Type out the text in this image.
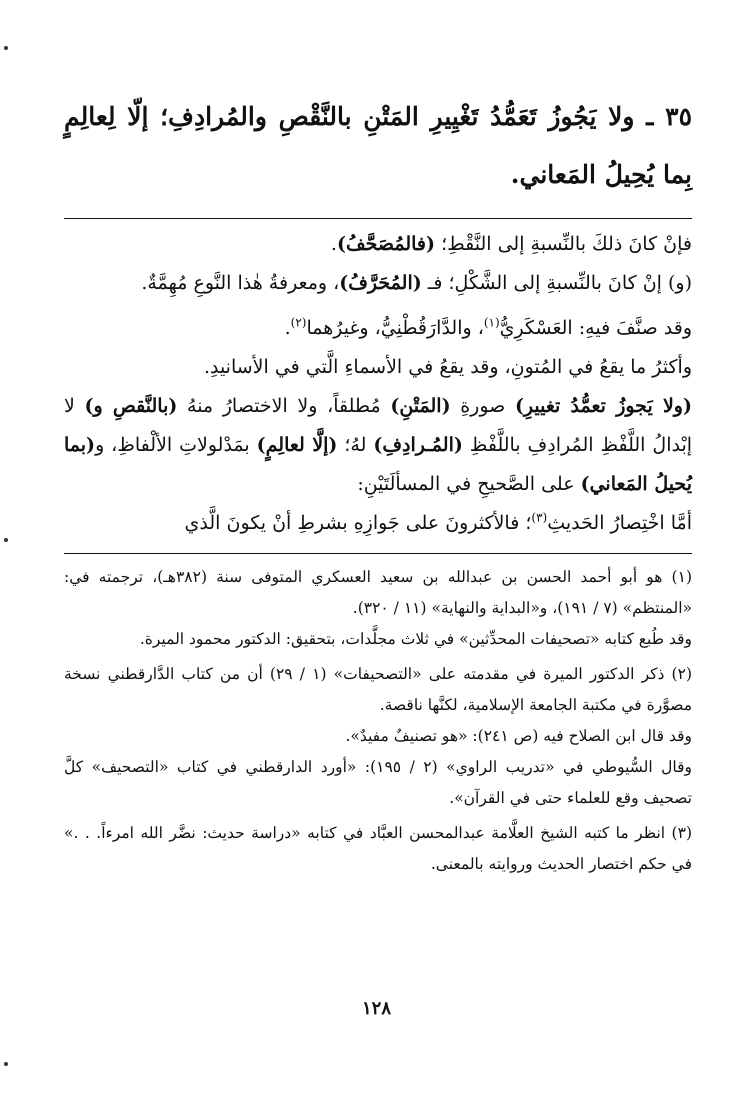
٣٥ ـ ولا يَجُوزُ تَعَمُّدُ تَغْيِيرِ المَتْنِ بالنَّقْصِ والمُرادِفِ؛ إلّا لِعالِمٍ بِما يُحِيلُ المَعاني.

فإنْ كانَ ذلكَ بالنِّسبةِ إلى النَّقْطِ؛ (فالمُصَحَّفُ).

(و) إنْ كانَ بالنِّسبةِ إلى الشَّكْلِ؛ فـ (المُحَرَّفُ)، ومعرفةُ هٰذا النَّوعِ مُهِمَّةٌ.

وقد صنَّفَ فيهِ: العَسْكَرِيُّ$^{(١)}$، والدَّارَقُطْنِيُّ، وغيرُهما$^{(٢)}$.

وأكثرُ ما يقعُ في المُتونِ، وقد يقعُ في الأسماءِ الَّتي في الأسانيدِ.

(ولا يَجوزُ تعمُّدُ تغييرِ) صورةِ (المَتْنِ) مُطلقاً، ولا الاختصارُ منهُ (بالنَّقصِ و) لا إبْدالُ اللَّفْظِ المُرادِفِ باللَّفْظِ (المُـرادِفِ) لهُ؛ (إلَّا لعالِمٍ) بمَدْلولاتِ الألْفاظِ، و(بما يُحيلُ المَعاني) على الصَّحيحِ في المسألَتَيْنِ:

أمَّا اخْتِصارُ الحَديثِ$^{(٣)}$؛ فالأكثرونَ على جَوازِهِ بشرطِ أنْ يكونَ الَّذي

(١) هو أبو أحمد الحسن بن عبدالله بن سعيد العسكري المتوفى سنة (٣٨٢هـ)، ترجمته في: «المنتظم» (٧ / ١٩١)، و«البداية والنهاية» (١١ / ٣٢٠).

وقد طُبع كتابه «تصحيفات المحدِّثين» في ثلاث مجلَّدات، بتحقيق: الدكتور محمود الميرة.

(٢) ذكر الدكتور الميرة في مقدمته على «التصحيفات» (١ / ٢٩) أن من كتاب الدَّارقطني نسخة مصوَّرة في مكتبة الجامعة الإسلامية، لكنَّها ناقصة.

وقد قال ابن الصلاح فيه (ص ٢٤١): «هو تصنيفٌ مفيدٌ».

وقال السُّيوطي في «تدريب الراوي» (٢ / ١٩٥): «أورد الدارقطني في كتاب «التصحيف» كلَّ تصحيف وقع للعلماء حتى في القرآن».

(٣) انظر ما كتبه الشيخ العلَّامة عبدالمحسن العبَّاد في كتابه «دراسة حديث: نضَّر الله امرءاً. . .» في حكم اختصار الحديث وروايته بالمعنى.

١٢٨
